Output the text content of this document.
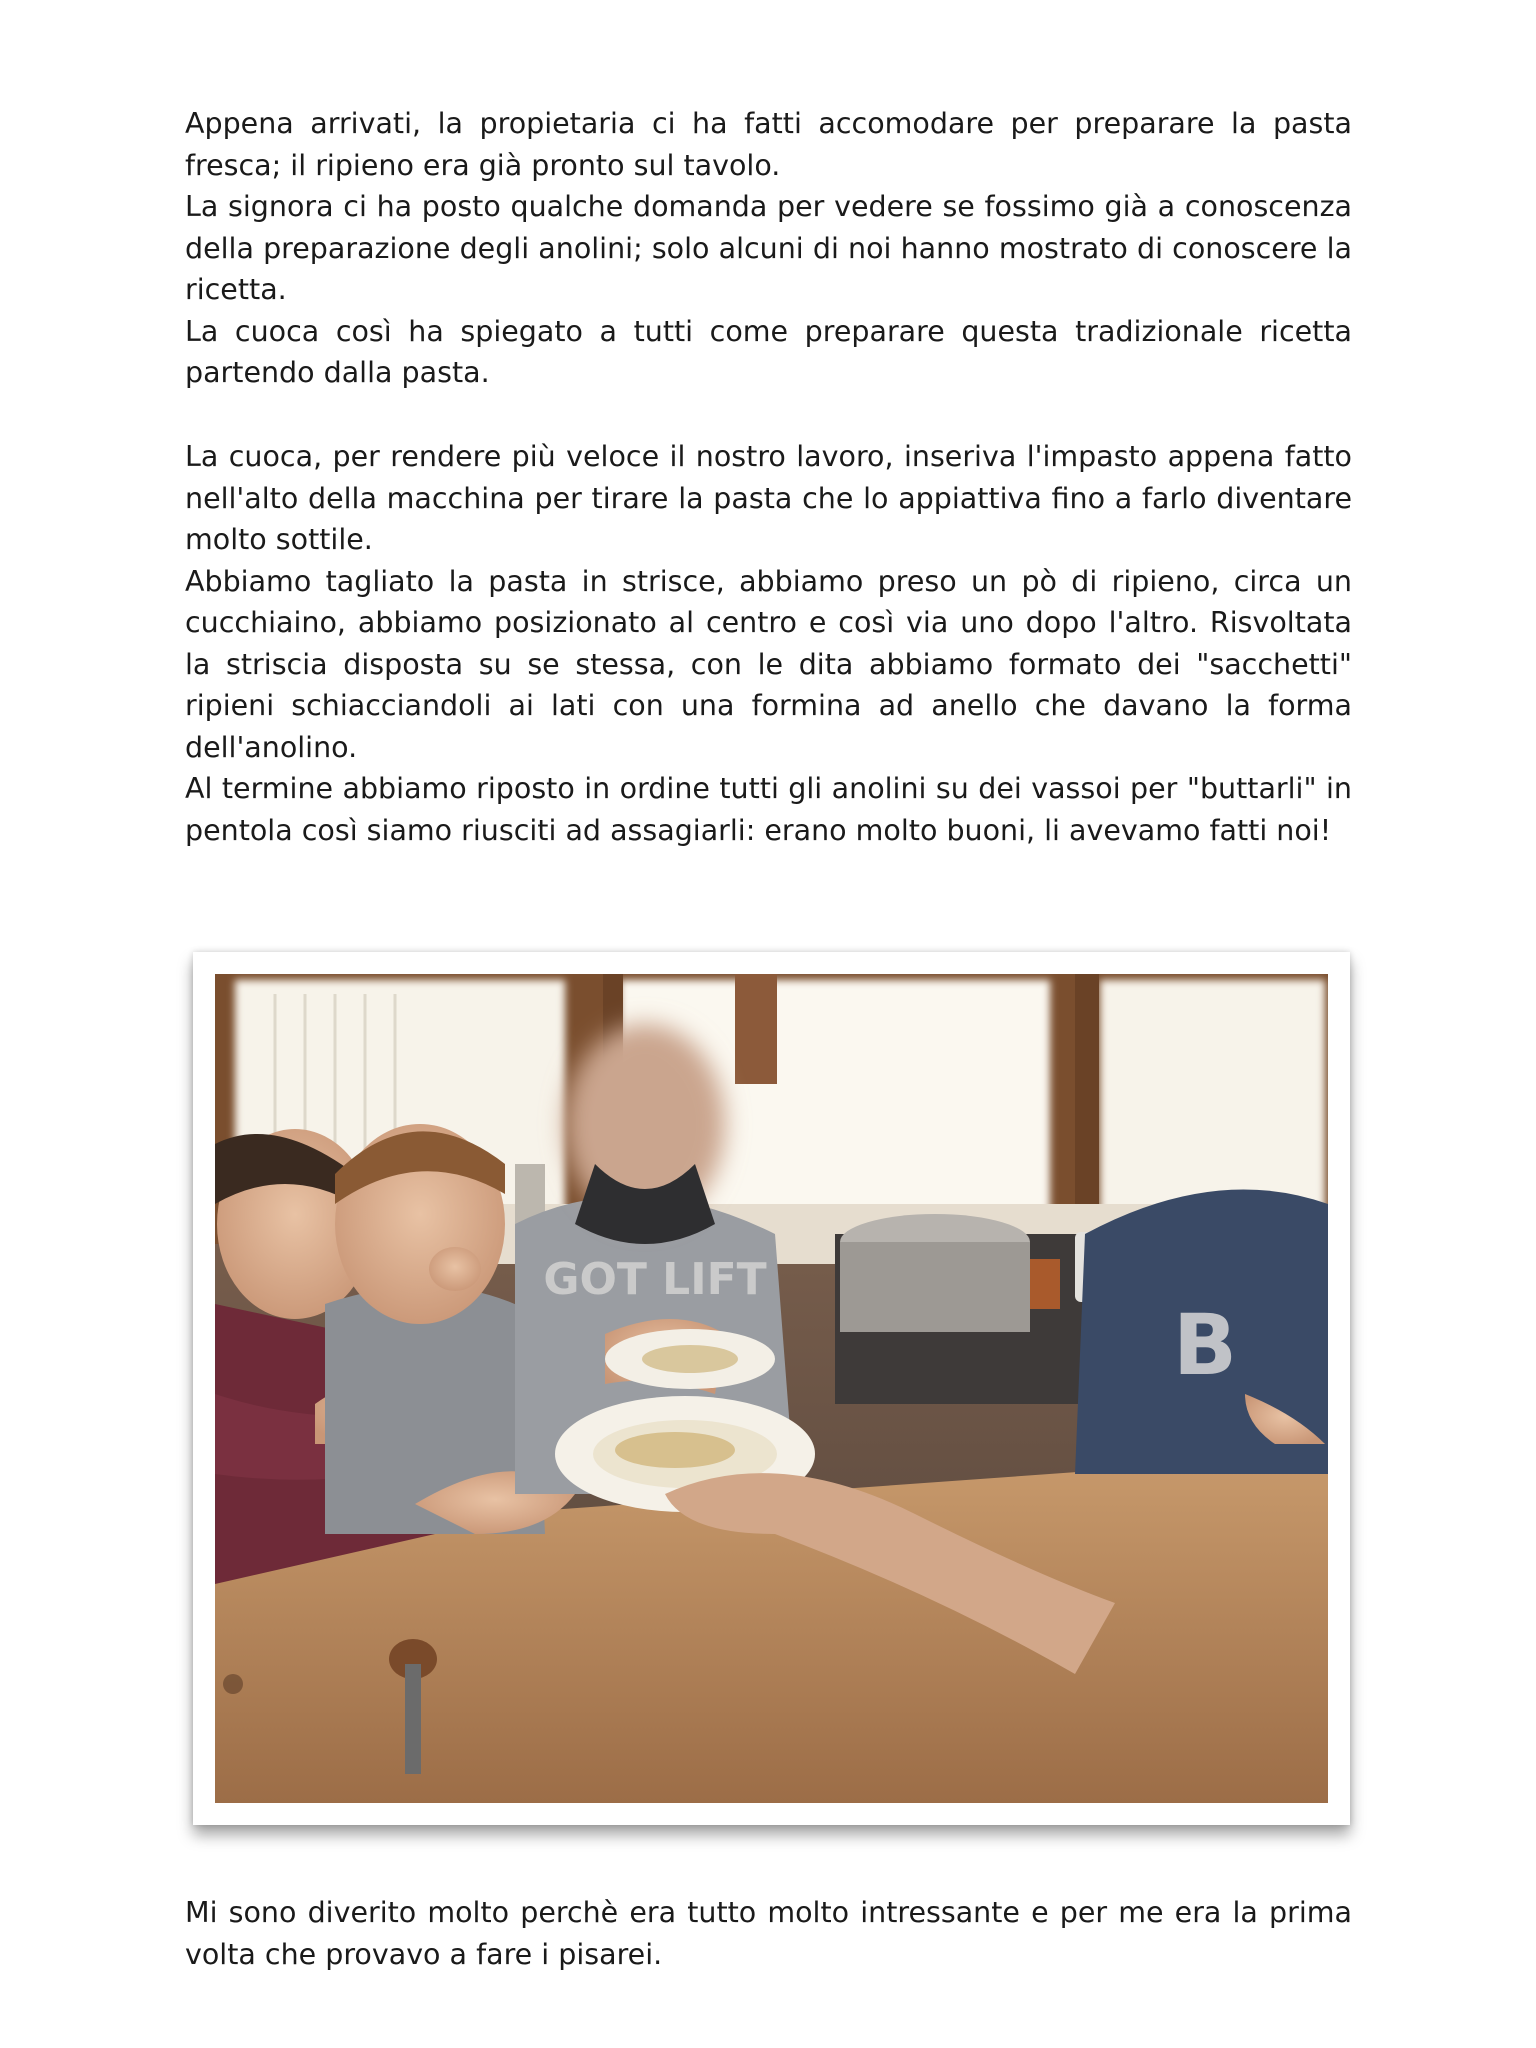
Appena arrivati, la propietaria ci ha fatti accomodare per preparare la pasta fresca; il ripieno era già pronto sul tavolo.

La signora ci ha posto qualche domanda per vedere se fossimo già a conoscenza della preparazione degli anolini; solo alcuni di noi hanno mostrato di conoscere la ricetta.

La cuoca così ha spiegato a tutti come preparare questa tradizionale ricetta partendo dalla pasta.

La cuoca, per rendere più veloce il nostro lavoro, inseriva l'impasto appena fatto nell'alto della macchina per tirare la pasta che lo appiattiva fino a farlo diventare molto sottile.

Abbiamo tagliato la pasta in strisce, abbiamo preso un pò di ripieno, circa un cucchiaino, abbiamo posizionato al centro e così via uno dopo l'altro. Risvoltata la striscia disposta su se stessa, con le dita abbiamo formato dei "sacchetti" ripieni schiacciandoli ai lati con una formina ad anello che davano la forma dell'anolino.

Al termine abbiamo riposto in ordine tutti gli anolini su dei vassoi per "buttarli" in pentola così siamo riusciti ad assagiarli: erano molto buoni, li avevamo fatti noi!

GOT LIFT
B

Mi sono diverito molto perchè era tutto molto intressante e per me era la prima volta che provavo a fare i pisarei.
